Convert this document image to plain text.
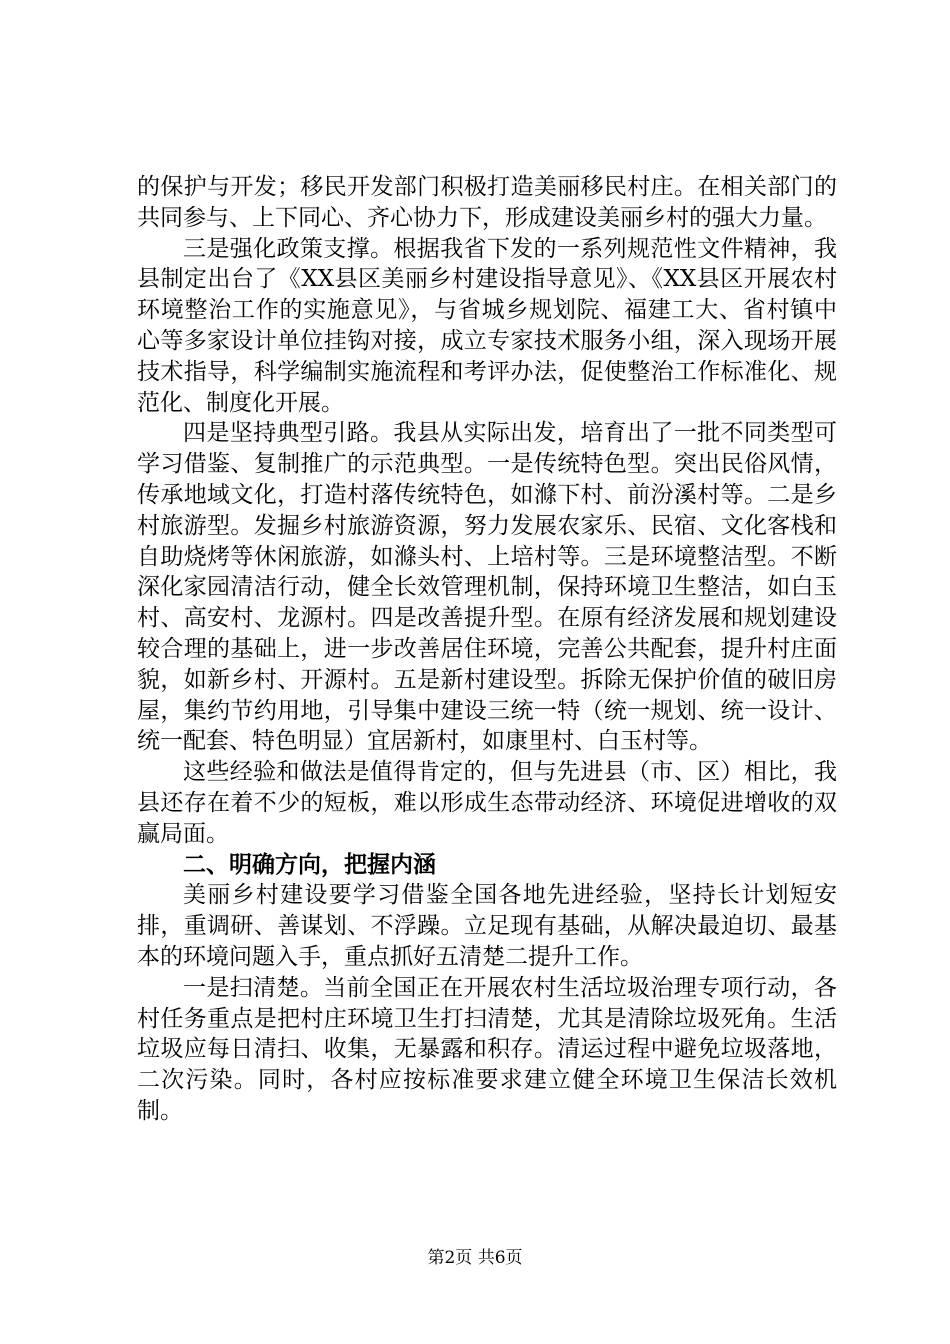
的保护与开发；移民开发部门积极打造美丽移民村庄。在相关部门的共同参与、上下同心、齐心协力下，形成建设美丽乡村的强大力量。

三是强化政策支撑。根据我省下发的一系列规范性文件精神，我县制定出台了《XX县区美丽乡村建设指导意见》、《XX县区开展农村环境整治工作的实施意见》，与省城乡规划院、福建工大、省村镇中心等多家设计单位挂钩对接，成立专家技术服务小组，深入现场开展技术指导，科学编制实施流程和考评办法，促使整治工作标准化、规范化、制度化开展。

四是坚持典型引路。我县从实际出发，培育出了一批不同类型可学习借鉴、复制推广的示范典型。一是传统特色型。突出民俗风情，传承地域文化，打造村落传统特色，如滌下村、前汾溪村等。二是乡村旅游型。发掘乡村旅游资源，努力发展农家乐、民宿、文化客栈和自助烧烤等休闲旅游，如滌头村、上培村等。三是环境整洁型。不断深化家园清洁行动，健全长效管理机制，保持环境卫生整洁，如白玉村、高安村、龙源村。四是改善提升型。在原有经济发展和规划建设较合理的基础上，进一步改善居住环境，完善公共配套，提升村庄面貌，如新乡村、开源村。五是新村建设型。拆除无保护价值的破旧房屋，集约节约用地，引导集中建设三统一特（统一规划、统一设计、统一配套、特色明显）宜居新村，如康里村、白玉村等。

这些经验和做法是值得肯定的，但与先进县（市、区）相比，我县还存在着不少的短板，难以形成生态带动经济、环境促进增收的双赢局面。

二、明确方向，把握内涵

美丽乡村建设要学习借鉴全国各地先进经验，坚持长计划短安排，重调研、善谋划、不浮躁。立足现有基础，从解决最迫切、最基本的环境问题入手，重点抓好五清楚二提升工作。

一是扫清楚。当前全国正在开展农村生活垃圾治理专项行动，各村任务重点是把村庄环境卫生打扫清楚，尤其是清除垃圾死角。生活垃圾应每日清扫、收集，无暴露和积存。清运过程中避免垃圾落地，二次污染。同时，各村应按标准要求建立健全环境卫生保洁长效机制。

第2页 共6页
